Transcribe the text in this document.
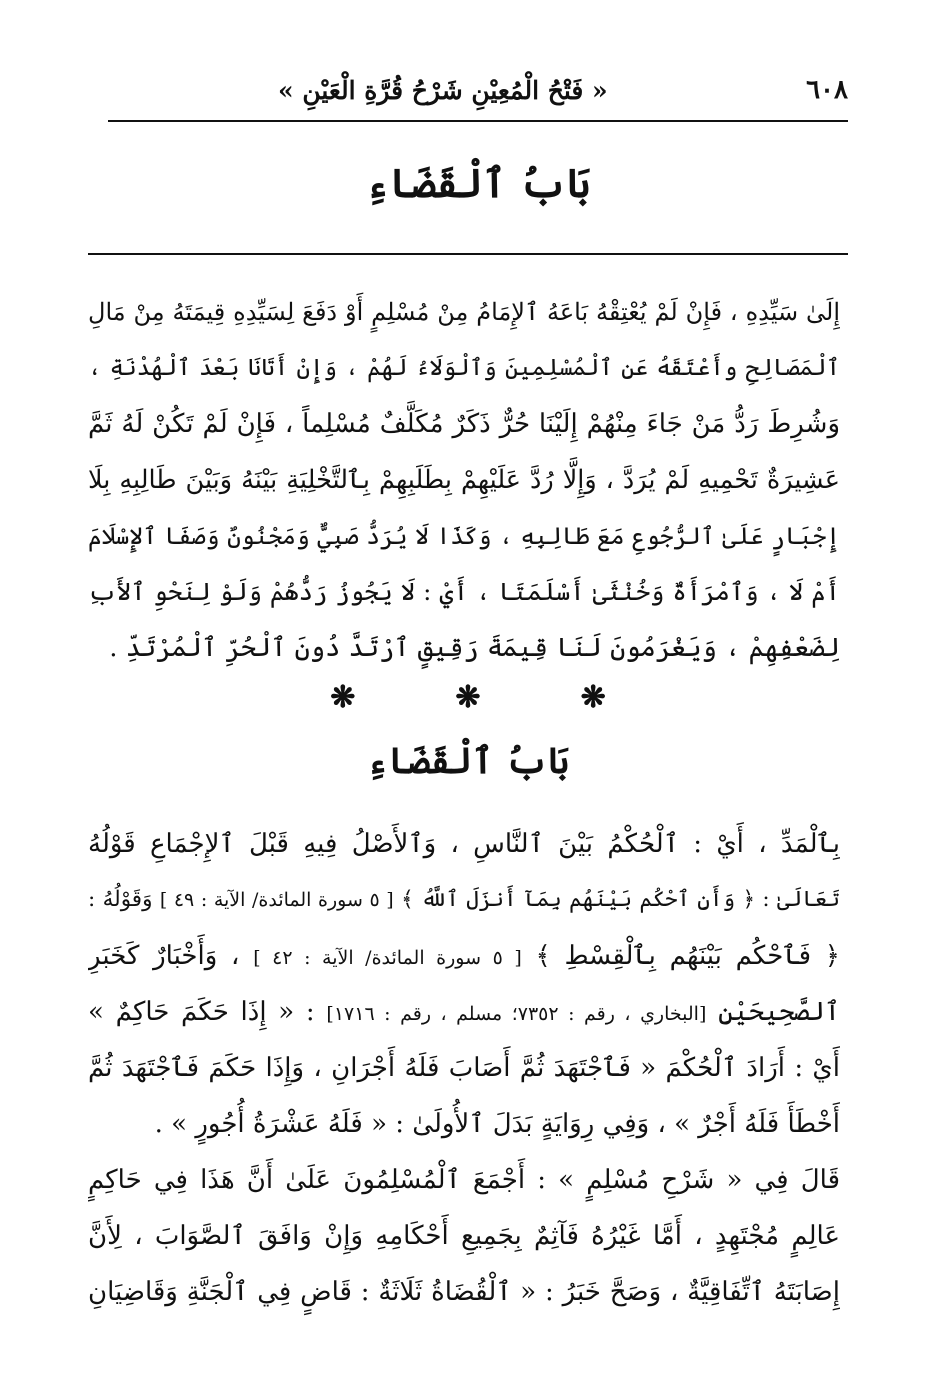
٦٠٨
« فَتْحُ الْمُعِيْنِ شَرْحُ قُرَّةِ الْعَيْنِ »
بَابُ ٱلْقَضَاءِ
إِلَىٰ سَيِّدِهِ ، فَإِنْ لَمْ يُعْتِقْهُ بَاعَهُ ٱلإِمَامُ مِنْ مُسْلِمٍ أَوْ دَفَعَ لِسَيِّدِهِ قِيمَتَهُ مِنْ مَالِ
ٱلْمَصَالِحِ وأَعْتَقَهُ عَنِ ٱلْمُسْلِمِينَ وَٱلْوَلَاءُ لَهُمْ ، وَإِنْ أَتَانَا بَعْدَ ٱلْهُدْنَةِ ،
وَشُرِطَ رَدُّ مَنْ جَاءَ مِنْهُمْ إِلَيْنَا حُرٌّ ذَكَرٌ مُكَلَّفٌ مُسْلِماً ، فَإِنْ لَمْ تَكُنْ لَهُ ثَمَّ
عَشِيرَةٌ تَحْمِيهِ لَمْ يُرَدَّ ، وَإِلَّا رُدَّ عَلَيْهِمْ بِطَلَبِهِمْ بِٱلتَّخْلِيَةِ بَيْنَهُ وَبَيْنَ طَالِبِهِ بِلَا
إِجْبَارٍ عَلَىٰ ٱلرُّجُوعِ مَعَ طَالِبِهِ ، وَكَذَا لَا يُرَدُّ صَبِيٌّ وَمَجْنُونٌ وَصَفَا ٱلإِسْلَامَ
أَمْ لَا ، وَٱمْرَأَةٌ وَخُنْثَىٰ أَسْلَمَتَا ، أَيْ : لَا يَجُوزُ رَدُّهُمْ وَلَوْ لِنَحْوِ ٱلأَبِ
لِضَعْفِهِمْ ، وَيَغْرَمُونَ لَنَا قِيمَةَ رَقِيقٍ ٱرْتَدَّ دُونَ ٱلْحُرِّ ٱلْمُرْتَدِّ .
❋	❋	❋
بَابُ ٱلْقَضَاءِ
بِٱلْمَدِّ ، أَيْ : ٱلْحُكْمُ بَيْنَ ٱلنَّاسِ ، وَٱلأَصْلُ فِيهِ قَبْلَ ٱلإِجْمَاعِ قَوْلُهُ
تَعَالَىٰ : ﴿ وَأَنِ ٱحْكُم بَيْنَهُم بِمَآ أَنزَلَ ٱللَّهُ ﴾ [ ٥ سورة المائدة/ الآية : ٤٩ ] وَقَوْلُهُ :
﴿ فَٱحْكُم بَيْنَهُم بِٱلْقِسْطِ ﴾ [ ٥ سورة المائدة/ الآية : ٤٢ ] ، وَأَخْبَارٌ كَخَبَرِ
ٱلصَّحِيحَيْنِ [البخاري ، رقم : ٧٣٥٢؛ مسلم ، رقم : ١٧١٦] : « إِذَا حَكَمَ حَاكِمٌ »
أَيْ : أَرَادَ ٱلْحُكْمَ « فَٱجْتَهَدَ ثُمَّ أَصَابَ فَلَهُ أَجْرَانِ ، وَإِذَا حَكَمَ فَٱجْتَهَدَ ثُمَّ
أَخْطَأَ فَلَهُ أَجْرٌ » ، وَفِي رِوَايَةٍ بَدَلَ ٱلأُولَىٰ : « فَلَهُ عَشْرَةُ أُجُورٍ » .
قَالَ فِي « شَرْحِ مُسْلِمٍ » : أَجْمَعَ ٱلْمُسْلِمُونَ عَلَىٰ أَنَّ هَذَا فِي حَاكِمٍ
عَالِمٍ مُجْتَهِدٍ ، أَمَّا غَيْرُهُ فَآثِمٌ بِجَمِيعِ أَحْكَامِهِ وَإِنْ وَافَقَ ٱلصَّوَابَ ، لِأَنَّ
إِصَابَتَهُ ٱتِّفَاقِيَّةٌ ، وَصَحَّ خَبَرُ : « ٱلْقُضَاةُ ثَلَاثَةٌ : قَاضٍ فِي ٱلْجَنَّةِ وَقَاضِيَانِ
